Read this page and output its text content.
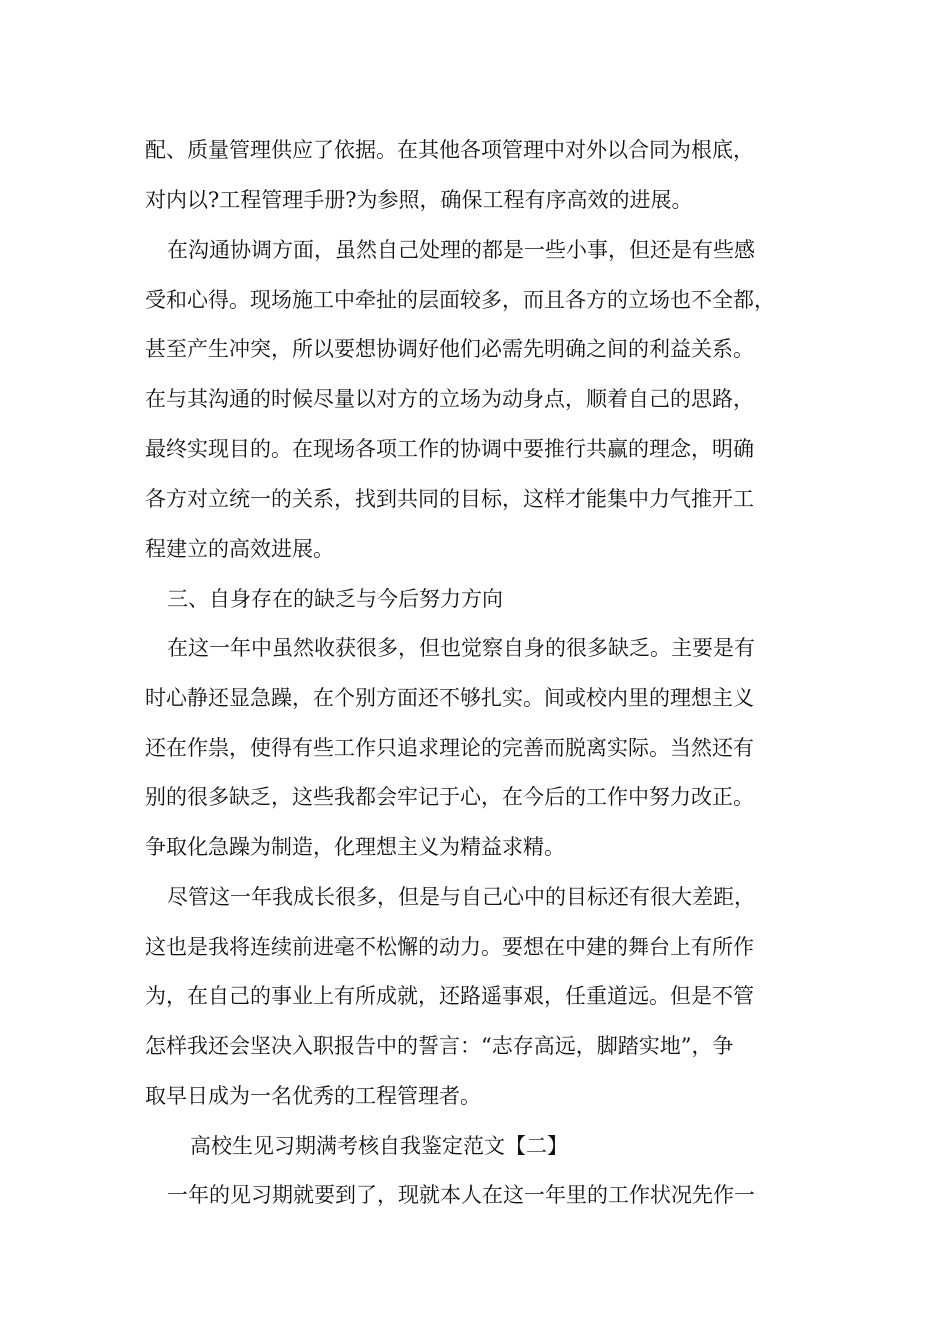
配、质量管理供应了依据。在其他各项管理中对外以合同为根底，
对内以?工程管理手册?为参照，确保工程有序高效的进展。
在沟通协调方面，虽然自己处理的都是一些小事，但还是有些感
受和心得。现场施工中牵扯的层面较多，而且各方的立场也不全都，
甚至产生冲突，所以要想协调好他们必需先明确之间的利益关系。
在与其沟通的时候尽量以对方的立场为动身点，顺着自己的思路，
最终实现目的。在现场各项工作的协调中要推行共赢的理念，明确
各方对立统一的关系，找到共同的目标，这样才能集中力气推开工
程建立的高效进展。
三、自身存在的缺乏与今后努力方向
在这一年中虽然收获很多，但也觉察自身的很多缺乏。主要是有
时心静还显急躁，在个别方面还不够扎实。间或校内里的理想主义
还在作祟，使得有些工作只追求理论的完善而脱离实际。当然还有
别的很多缺乏，这些我都会牢记于心，在今后的工作中努力改正。
争取化急躁为制造，化理想主义为精益求精。
尽管这一年我成长很多，但是与自己心中的目标还有很大差距，
这也是我将连续前进毫不松懈的动力。要想在中建的舞台上有所作
为，在自己的事业上有所成就，还路遥事艰，任重道远。但是不管
怎样我还会坚决入职报告中的誓言：“志存高远，脚踏实地”，争
取早日成为一名优秀的工程管理者。
高校生见习期满考核自我鉴定范文【二】
一年的见习期就要到了，现就本人在这一年里的工作状况先作一
